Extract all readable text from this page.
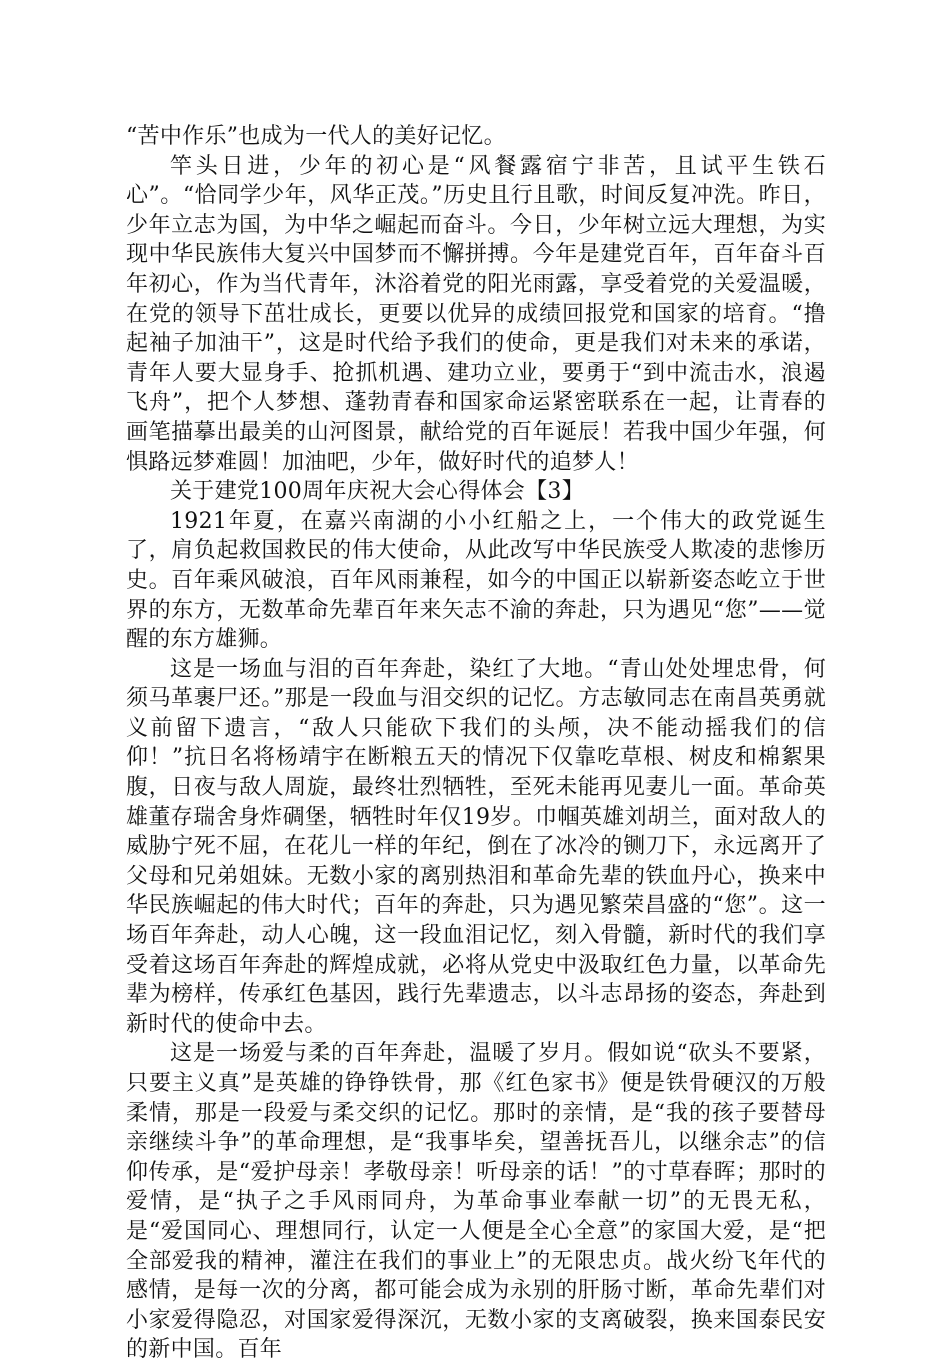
“苦中作乐”也成为一代人的美好记忆。

竿头日进，少年的初心是“风餐露宿宁非苦，且试平生铁石心”。“恰同学少年，风华正茂。”历史且行且歌，时间反复冲洗。昨日，少年立志为国，为中华之崛起而奋斗。今日，少年树立远大理想，为实现中华民族伟大复兴中国梦而不懈拼搏。今年是建党百年，百年奋斗百年初心，作为当代青年，沐浴着党的阳光雨露，享受着党的关爱温暖，在党的领导下茁壮成长，更要以优异的成绩回报党和国家的培育。“撸起袖子加油干”，这是时代给予我们的使命，更是我们对未来的承诺，青年人要大显身手、抢抓机遇、建功立业，要勇于“到中流击水，浪遏飞舟”，把个人梦想、蓬勃青春和国家命运紧密联系在一起，让青春的画笔描摹出最美的山河图景，献给党的百年诞辰！若我中国少年强，何惧路远梦难圆！加油吧，少年，做好时代的追梦人！

关于建党100周年庆祝大会心得体会【3】

1921年夏，在嘉兴南湖的小小红船之上，一个伟大的政党诞生了，肩负起救国救民的伟大使命，从此改写中华民族受人欺凌的悲惨历史。百年乘风破浪，百年风雨兼程，如今的中国正以崭新姿态屹立于世界的东方，无数革命先辈百年来矢志不渝的奔赴，只为遇见“您”——觉醒的东方雄狮。

这是一场血与泪的百年奔赴，染红了大地。“青山处处埋忠骨，何须马革裹尸还。”那是一段血与泪交织的记忆。方志敏同志在南昌英勇就义前留下遗言，“敌人只能砍下我们的头颅，决不能动摇我们的信仰！”抗日名将杨靖宇在断粮五天的情况下仅靠吃草根、树皮和棉絮果腹，日夜与敌人周旋，最终壮烈牺牲，至死未能再见妻儿一面。革命英雄董存瑞舍身炸碉堡，牺牲时年仅19岁。巾帼英雄刘胡兰，面对敌人的威胁宁死不屈，在花儿一样的年纪，倒在了冰冷的铡刀下，永远离开了父母和兄弟姐妹。无数小家的离别热泪和革命先辈的铁血丹心，换来中华民族崛起的伟大时代；百年的奔赴，只为遇见繁荣昌盛的“您”。这一场百年奔赴，动人心魄，这一段血泪记忆，刻入骨髓，新时代的我们享受着这场百年奔赴的辉煌成就，必将从党史中汲取红色力量，以革命先辈为榜样，传承红色基因，践行先辈遗志，以斗志昂扬的姿态，奔赴到新时代的使命中去。

这是一场爱与柔的百年奔赴，温暖了岁月。假如说“砍头不要紧，只要主义真”是英雄的铮铮铁骨，那《红色家书》便是铁骨硬汉的万般柔情，那是一段爱与柔交织的记忆。那时的亲情，是“我的孩子要替母亲继续斗争”的革命理想，是“我事毕矣，望善抚吾儿，以继余志”的信仰传承，是“爱护母亲！孝敬母亲！听母亲的话！”的寸草春晖；那时的爱情，是“执子之手风雨同舟，为革命事业奉献一切”的无畏无私，是“爱国同心、理想同行，认定一人便是全心全意”的家国大爱，是“把全部爱我的精神，灌注在我们的事业上”的无限忠贞。战火纷飞年代的感情，是每一次的分离，都可能会成为永别的肝肠寸断，革命先辈们对小家爱得隐忍，对国家爱得深沉，无数小家的支离破裂，换来国泰民安的新中国。百年
